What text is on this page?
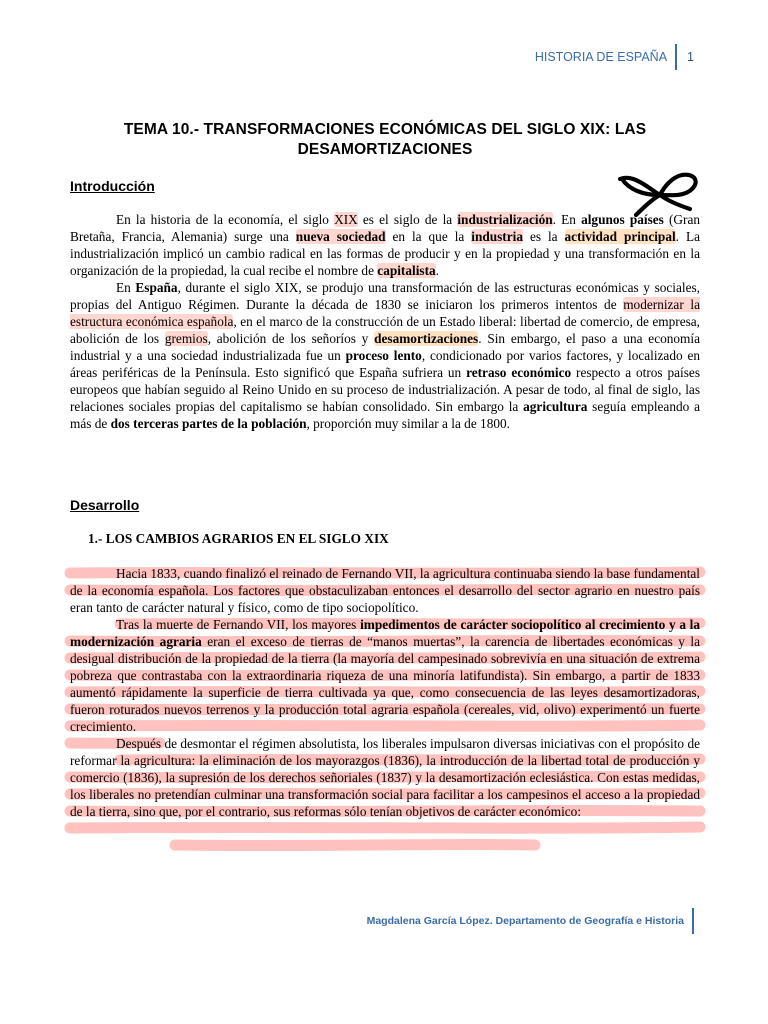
HISTORIA DE ESPAÑA 1
TEMA 10.- TRANSFORMACIONES ECONÓMICAS DEL SIGLO XIX: LAS
DESAMORTIZACIONES
Introducción

En la historia de la economía, el siglo XIX es el siglo de la industrialización. En algunos países (Gran Bretaña, Francia, Alemania) surge una nueva sociedad en la que la industria es la actividad principal. La industrialización implicó un cambio radical en las formas de producir y en la propiedad y una transformación en la organización de la propiedad, la cual recibe el nombre de capitalista.

En España, durante el siglo XIX, se produjo una transformación de las estructuras económicas y sociales, propias del Antiguo Régimen. Durante la década de 1830 se iniciaron los primeros intentos de modernizar la estructura económica española, en el marco de la construcción de un Estado liberal: libertad de comercio, de empresa, abolición de los gremios, abolición de los señoríos y desamortizaciones. Sin embargo, el paso a una economía industrial y a una sociedad industrializada fue un proceso lento, condicionado por varios factores, y localizado en áreas periféricas de la Península. Esto significó que España sufriera un retraso económico respecto a otros países europeos que habían seguido al Reino Unido en su proceso de industrialización. A pesar de todo, al final de siglo, las relaciones sociales propias del capitalismo se habían consolidado. Sin embargo la agricultura seguía empleando a más de dos terceras partes de la población, proporción muy similar a la de 1800.

Desarrollo
1.- LOS CAMBIOS AGRARIOS EN EL SIGLO XIX

Hacia 1833, cuando finalizó el reinado de Fernando VII, la agricultura continuaba siendo la base fundamental de la economía española. Los factores que obstaculizaban entonces el desarrollo del sector agrario en nuestro país eran tanto de carácter natural y físico, como de tipo sociopolítico.

Tras la muerte de Fernando VII, los mayores impedimentos de carácter sociopolítico al crecimiento y a la modernización agraria eran el exceso de tierras de “manos muertas”, la carencia de libertades económicas y la desigual distribución de la propiedad de la tierra (la mayoría del campesinado sobrevivía en una situación de extrema pobreza que contrastaba con la extraordinaria riqueza de una minoría latifundista). Sin embargo, a partir de 1833 aumentó rápidamente la superficie de tierra cultivada ya que, como consecuencia de las leyes desamortizadoras, fueron roturados nuevos terrenos y la producción total agraria española (cereales, vid, olivo) experimentó un fuerte crecimiento.

Después de desmontar el régimen absolutista, los liberales impulsaron diversas iniciativas con el propósito de reformar la agricultura: la eliminación de los mayorazgos (1836), la introducción de la libertad total de producción y comercio (1836), la supresión de los derechos señoriales (1837) y la desamortización eclesiástica. Con estas medidas, los liberales no pretendían culminar una transformación social para facilitar a los campesinos el acceso a la propiedad de la tierra, sino que, por el contrario, sus reformas sólo tenían objetivos de carácter económico:

Magdalena García López. Departamento de Geografía e Historia
